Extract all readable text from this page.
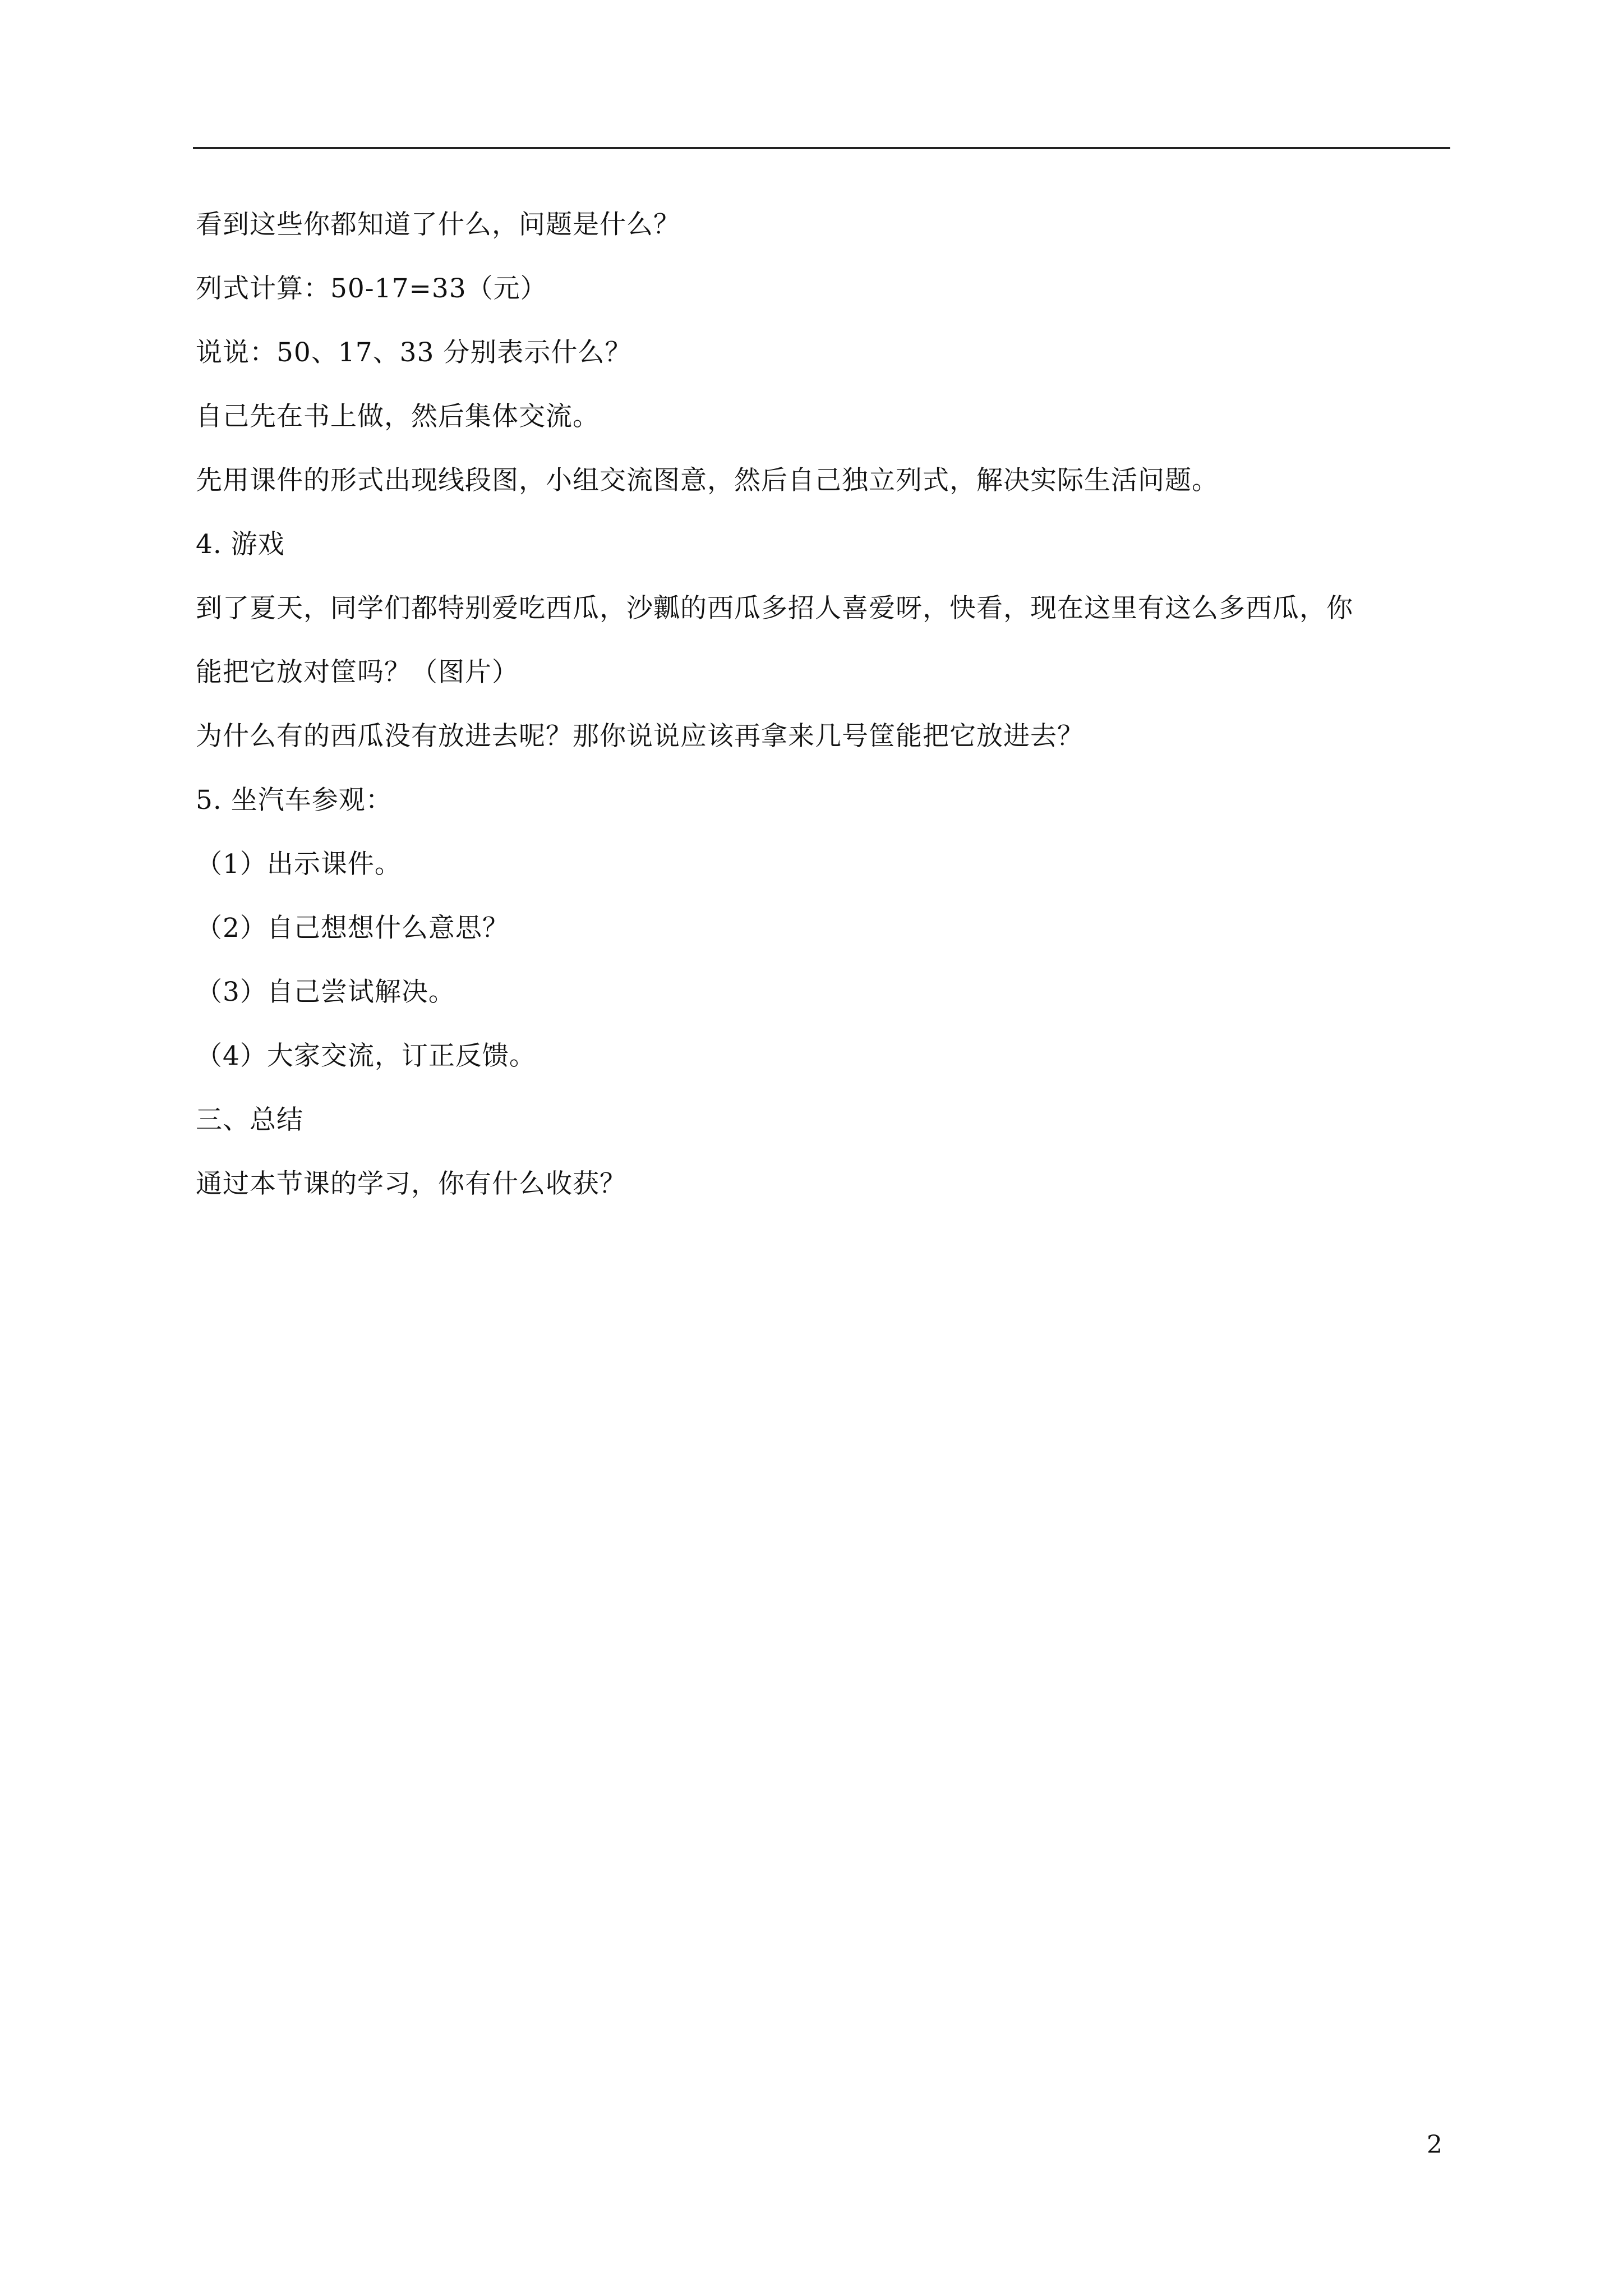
看到这些你都知道了什么，问题是什么？
列式计算：50-17=33（元）
说说：50、17、33 分别表示什么？
自己先在书上做，然后集体交流。
先用课件的形式出现线段图，小组交流图意，然后自己独立列式，解决实际生活问题。
4. 游戏
到了夏天，同学们都特别爱吃西瓜，沙瓤的西瓜多招人喜爱呀，快看，现在这里有这么多西瓜，你
能把它放对筐吗？（图片）
为什么有的西瓜没有放进去呢？那你说说应该再拿来几号筐能把它放进去？
5. 坐汽车参观：
（1）出示课件。
（2）自己想想什么意思？
（3）自己尝试解决。
（4）大家交流，订正反馈。
三、总结
通过本节课的学习，你有什么收获？
2
